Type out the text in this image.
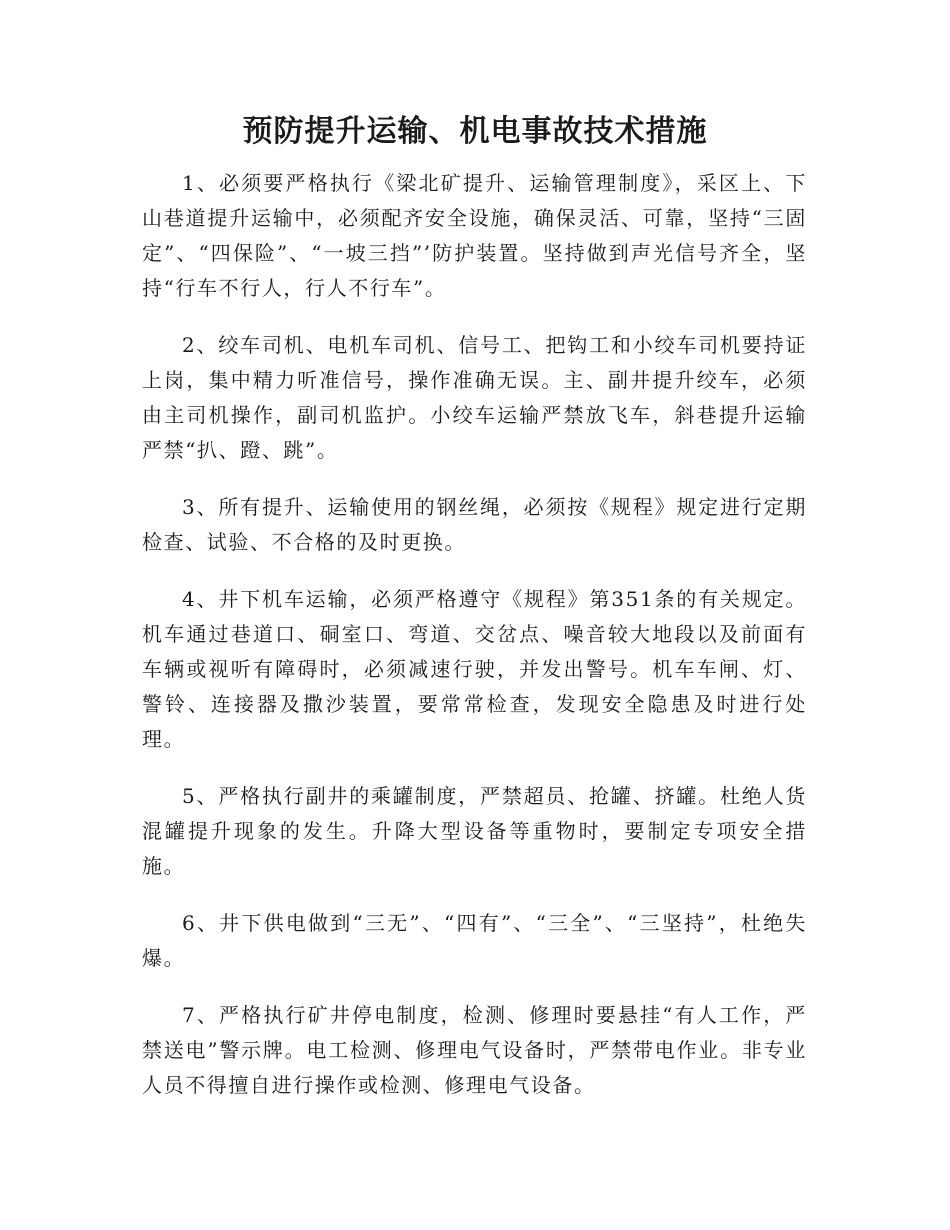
预防提升运输、机电事故技术措施

1、必须要严格执行《梁北矿提升、运输管理制度》，采区上、下山巷道提升运输中，必须配齐安全设施，确保灵活、可靠，坚持“三固定”、“四保险”、“一坡三挡”’防护装置。坚持做到声光信号齐全，坚持“行车不行人，行人不行车”。

2、绞车司机、电机车司机、信号工、把钩工和小绞车司机要持证上岗，集中精力听准信号，操作准确无误。主、副井提升绞车，必须由主司机操作，副司机监护。小绞车运输严禁放飞车，斜巷提升运输严禁“扒、蹬、跳”。

3、所有提升、运输使用的钢丝绳，必须按《规程》规定进行定期检查、试验、不合格的及时更换。

4、井下机车运输，必须严格遵守《规程》第351条的有关规定。机车通过巷道口、硐室口、弯道、交岔点、噪音较大地段以及前面有车辆或视听有障碍时，必须减速行驶，并发出警号。机车车闸、灯、警铃、连接器及撒沙装置，要常常检查，发现安全隐患及时进行处理。

5、严格执行副井的乘罐制度，严禁超员、抢罐、挤罐。杜绝人货混罐提升现象的发生。升降大型设备等重物时，要制定专项安全措施。

6、井下供电做到“三无”、“四有”、“三全”、“三坚持”，杜绝失爆。

7、严格执行矿井停电制度，检测、修理时要悬挂“有人工作，严禁送电”警示牌。电工检测、修理电气设备时，严禁带电作业。非专业人员不得擅自进行操作或检测、修理电气设备。
